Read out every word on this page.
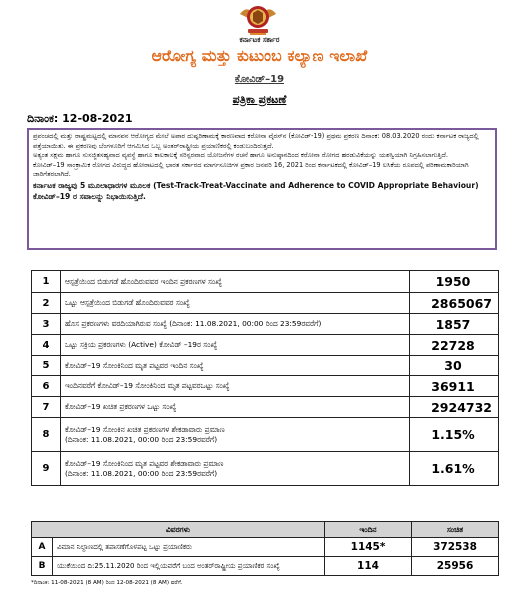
ಕರ್ನಾಟಕ ಸರ್ಕಾರ
ಆರೋಗ್ಯ ಮತ್ತು ಕುಟುಂಬ ಕಲ್ಯಾಣ ಇಲಾಖೆ
ಕೋವಿಡ್–19
ಪತ್ರಿಕಾ ಪ್ರಕಟಣೆ
ದಿನಾಂಕ: 12-08-2021

ಪ್ರಪಂಚದಲ್ಲಿ ಮತ್ತು ರಾಷ್ಟ್ರಮಟ್ಟದಲ್ಲಿ ಮಾನವನ ಆರೋಗ್ಯದ ಮೇಲೆ ಅಪಾರ ದುಷ್ಪರಿಣಾಮಕ್ಕೆ ಕಾರಣವಾದ ಕರೋನಾ ವೈರಸ್‌ನ (ಕೋವಿಡ್-19) ಪ್ರಥಮ ಪ್ರಕರಣ ದಿನಾಂಕ: 08.03.2020 ರಂದು ಕರ್ನಾಟಕ ರಾಜ್ಯದಲ್ಲಿ ಪತ್ತೆಯಾಯಿತು. ಈ ಪ್ರಕರಣವು ಬೆಂಗಳೂರಿಗೆ ಆಗಮಿಸಿದ ಒಬ್ಬ ಅಂತರ್‌ರಾಷ್ಟ್ರೀಯ ಪ್ರಯಾಣಿಕರಲ್ಲಿ ಕಂಡುಬಂದಿರುತ್ತದೆ.

ಅತ್ಯಂತ ಸಕ್ಷಮ ಹಾಗೂ ಸುಸಜ್ಜಿತಸಹ್ಯವಾದ ವ್ಯವಸ್ಥೆ ಹಾಗೂ ಕಾಲಕಾಲಕ್ಕೆ ಸರಿಸ್ಪರವಾದ ಯೋಜನೆಗಳ ರಚನೆ ಹಾಗೂ ಅನುಷ್ಠಾನದಿಂದ ಕರೋನಾ ರೋಗದ ಹರಡುವಿಕೆಯನ್ನು ಯಶಸ್ವಿಯಾಗಿ ನಿಗ್ರಹಿಸಲಾಗುತ್ತಿದೆ.

ಕೋವಿಡ್–19 ಸಾಂಕ್ರಾಮಿಕ ರೋಗದ ವಿರುದ್ಧದ ಹೋರಾಟದಲ್ಲಿ ಭಾರತ ಸರ್ಕಾರದ ಮಾರ್ಗಸೂಚಿಗಳ ಪ್ರಕಾರ ಜನವರಿ 16, 2021 ರಿಂದ ಕರ್ನಾಟಕದಲ್ಲಿ ಕೋವಿಡ್–19 ಲಸಿಕೆಯ ರೂಪದಲ್ಲಿ ಪರಿಣಾಮಕಾರಿಯಾಗಿ ಜಾರಿಗೆತರಲಾಗಿದೆ.

ಕರ್ನಾಟಕ ರಾಜ್ಯವು 5 ಮೂಲಾಧಾರಗಳ ಮೂಲಕ (Test-Track-Treat-Vaccinate and Adherence to COVID Appropriate Behaviour) ಕೋವಿಡ್–19 ರ ಸವಾಲನ್ನು ನಿಭಾಯಿಸುತ್ತಿದೆ.

1	ಆಸ್ಪತ್ರೆಯಿಂದ ಬಿಡುಗಡೆ ಹೊಂದಿರುವವರ ಇಂದಿನ ಪ್ರಕರಣಗಳ ಸಂಖ್ಯೆ	1950
2	ಒಟ್ಟು ಆಸ್ಪತ್ರೆಯಿಂದ ಬಿಡುಗಡೆ ಹೊಂದಿರುವವರ ಸಂಖ್ಯೆ	2865067
3	ಹೊಸ ಪ್ರಕರಣಗಳು ವರದಿಯಾಗಿರುವ ಸಂಖ್ಯೆ (ದಿನಾಂಕ: 11.08.2021, 00:00 ರಿಂದ 23:59ರವರೆಗೆ)	1857
4	ಒಟ್ಟು ಸಕ್ರಿಯ ಪ್ರಕರಣಗಳು (Active) ಕೋವಿಡ್ –19ರ ಸಂಖ್ಯೆ	22728
5	ಕೋವಿಡ್–19 ಸೋಂಕಿನಿಂದ ಮೃತ ಪಟ್ಟವರ ಇಂದಿನ ಸಂಖ್ಯೆ	30
6	ಇಂದಿನವರೆಗೆ ಕೋವಿಡ್–19 ಸೋಂಕಿನಿಂದ ಮೃತ ಪಟ್ಟವರಒಟ್ಟು ಸಂಖ್ಯೆ	36911
7	ಕೋವಿಡ್–19 ಖಚಿತ ಪ್ರಕರಣಗಳ ಒಟ್ಟು ಸಂಖ್ಯೆ	2924732
8	ಕೋವಿಡ್–19 ಸೋಂಕಿನ ಖಚಿತ ಪ್ರಕರಣಗಳ ಶೇಕಡಾವಾರು ಪ್ರಮಾಣ
(ದಿನಾಂಕ: 11.08.2021, 00:00 ರಿಂದ 23:59ರವರೆಗೆ)	1.15%
9	ಕೋವಿಡ್–19 ಸೋಂಕಿನಿಂದ ಮೃತ ಪಟ್ಟವರ ಶೇಕಡಾವಾರು ಪ್ರಮಾಣ
(ದಿನಾಂಕ: 11.08.2021, 00:00 ರಿಂದ 23:59ರವರೆಗೆ)	1.61%
ವಿವರಗಳು		ಇಂದಿನ	ಸಂಚಿತ
A	ವಿಮಾನ ನಿಲ್ದಾಣದಲ್ಲಿ ತಪಾಸಣೆಗೊಳಪಟ್ಟ ಒಟ್ಟು ಪ್ರಯಾಣಿಕರು	1145*	372538
B	ಯುಕೆಯಿಂದ ದಿ:25.11.2020 ರಿಂದ ಇಲ್ಲಿಯವರೆಗೆ ಬಂದ ಅಂತರ್‌ರಾಷ್ಟ್ರೀಯ ಪ್ರಯಾಣಿಕರ ಸಂಖ್ಯೆ	114	25956
*ದಿನಾಂಕ: 11-08-2021 (8 AM) ರಿಂದ 12-08-2021 (8 AM) ವರೆಗೆ.
